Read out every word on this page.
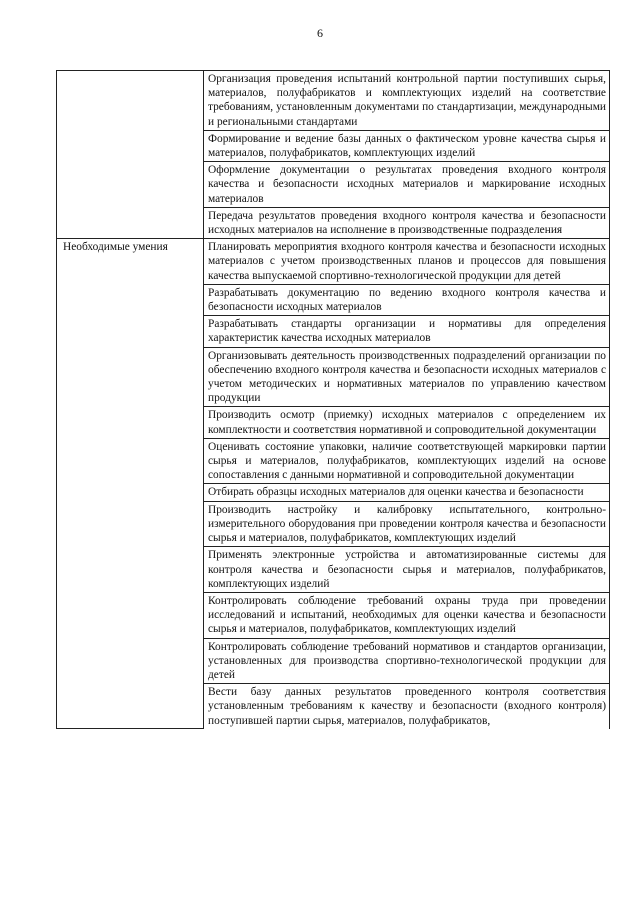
6
	Организация проведения испытаний контрольной партии поступивших сырья, материалов, полуфабрикатов и комплектующих изделий на соответствие требованиям, установленным документами по стандартизации, международными и региональными стандартами
	Формирование и ведение базы данных о фактическом уровне качества сырья и материалов, полуфабрикатов, комплектующих изделий
	Оформление документации о результатах проведения входного контроля качества и безопасности исходных материалов и маркирование исходных материалов
	Передача результатов проведения входного контроля качества и безопасности исходных материалов на исполнение в производственные подразделения
Необходимые умения	Планировать мероприятия входного контроля качества и безопасности исходных материалов с учетом производственных планов и процессов для повышения качества выпускаемой спортивно-технологической продукции для детей
	Разрабатывать документацию по ведению входного контроля качества и безопасности исходных материалов
	Разрабатывать стандарты организации и нормативы для определения характеристик качества исходных материалов
	Организовывать деятельность производственных подразделений организации по обеспечению входного контроля качества и безопасности исходных материалов с учетом методических и нормативных материалов по управлению качеством продукции
	Производить осмотр (приемку) исходных материалов с определением их комплектности и соответствия нормативной и сопроводительной документации
	Оценивать состояние упаковки, наличие соответствующей маркировки партии сырья и материалов, полуфабрикатов, комплектующих изделий на основе сопоставления с данными нормативной и сопроводительной документации
	Отбирать образцы исходных материалов для оценки качества и безопасности
	Производить настройку и калибровку испытательного, контрольно-измерительного оборудования при проведении контроля качества и безопасности сырья и материалов, полуфабрикатов, комплектующих изделий
	Применять электронные устройства и автоматизированные системы для контроля качества и безопасности сырья и материалов, полуфабрикатов, комплектующих изделий
	Контролировать соблюдение требований охраны труда при проведении исследований и испытаний, необходимых для оценки качества и безопасности сырья и материалов, полуфабрикатов, комплектующих изделий
	Контролировать соблюдение требований нормативов и стандартов организации, установленных для производства спортивно-технологической продукции для детей
	Вести базу данных результатов проведенного контроля соответствия установленным требованиям к качеству и безопасности (входного контроля) поступившей партии сырья, материалов, полуфабрикатов,
